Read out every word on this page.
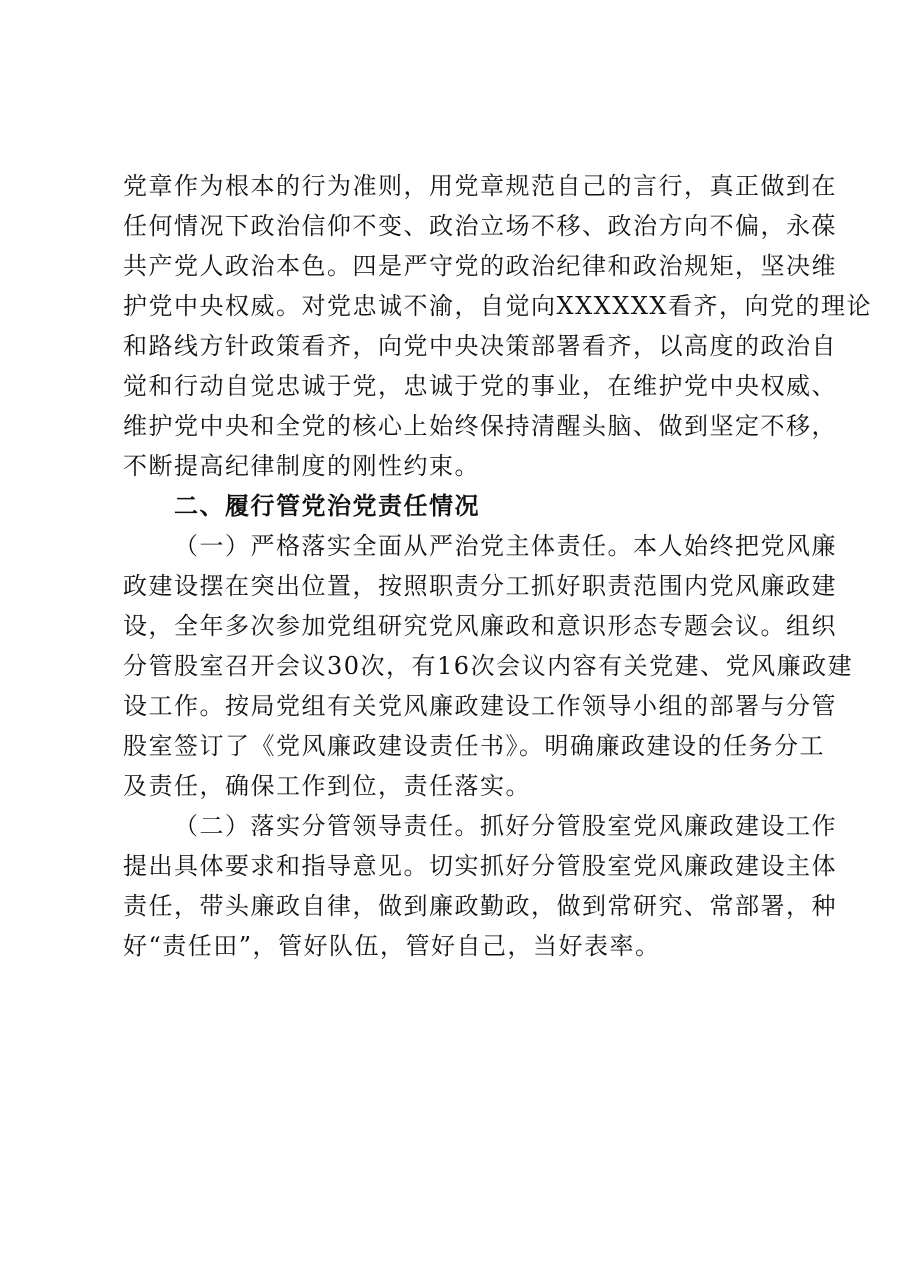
党章作为根本的行为准则，用党章规范自己的言行，真正做到在
任何情况下政治信仰不变、政治立场不移、政治方向不偏，永葆
共产党人政治本色。四是严守党的政治纪律和政治规矩，坚决维
护党中央权威。对党忠诚不渝，自觉向XXXXXX看齐，向党的理论
和路线方针政策看齐，向党中央决策部署看齐，以高度的政治自
觉和行动自觉忠诚于党，忠诚于党的事业，在维护党中央权威、
维护党中央和全党的核心上始终保持清醒头脑、做到坚定不移，
不断提高纪律制度的刚性约束。
二、履行管党治党责任情况
（一）严格落实全面从严治党主体责任。本人始终把党风廉
政建设摆在突出位置，按照职责分工抓好职责范围内党风廉政建
设，全年多次参加党组研究党风廉政和意识形态专题会议。组织
分管股室召开会议30次，有16次会议内容有关党建、党风廉政建
设工作。按局党组有关党风廉政建设工作领导小组的部署与分管
股室签订了《党风廉政建设责任书》。明确廉政建设的任务分工
及责任，确保工作到位，责任落实。
（二）落实分管领导责任。抓好分管股室党风廉政建设工作
提出具体要求和指导意见。切实抓好分管股室党风廉政建设主体
责任，带头廉政自律，做到廉政勤政，做到常研究、常部署，种
好“责任田”，管好队伍，管好自己，当好表率。
